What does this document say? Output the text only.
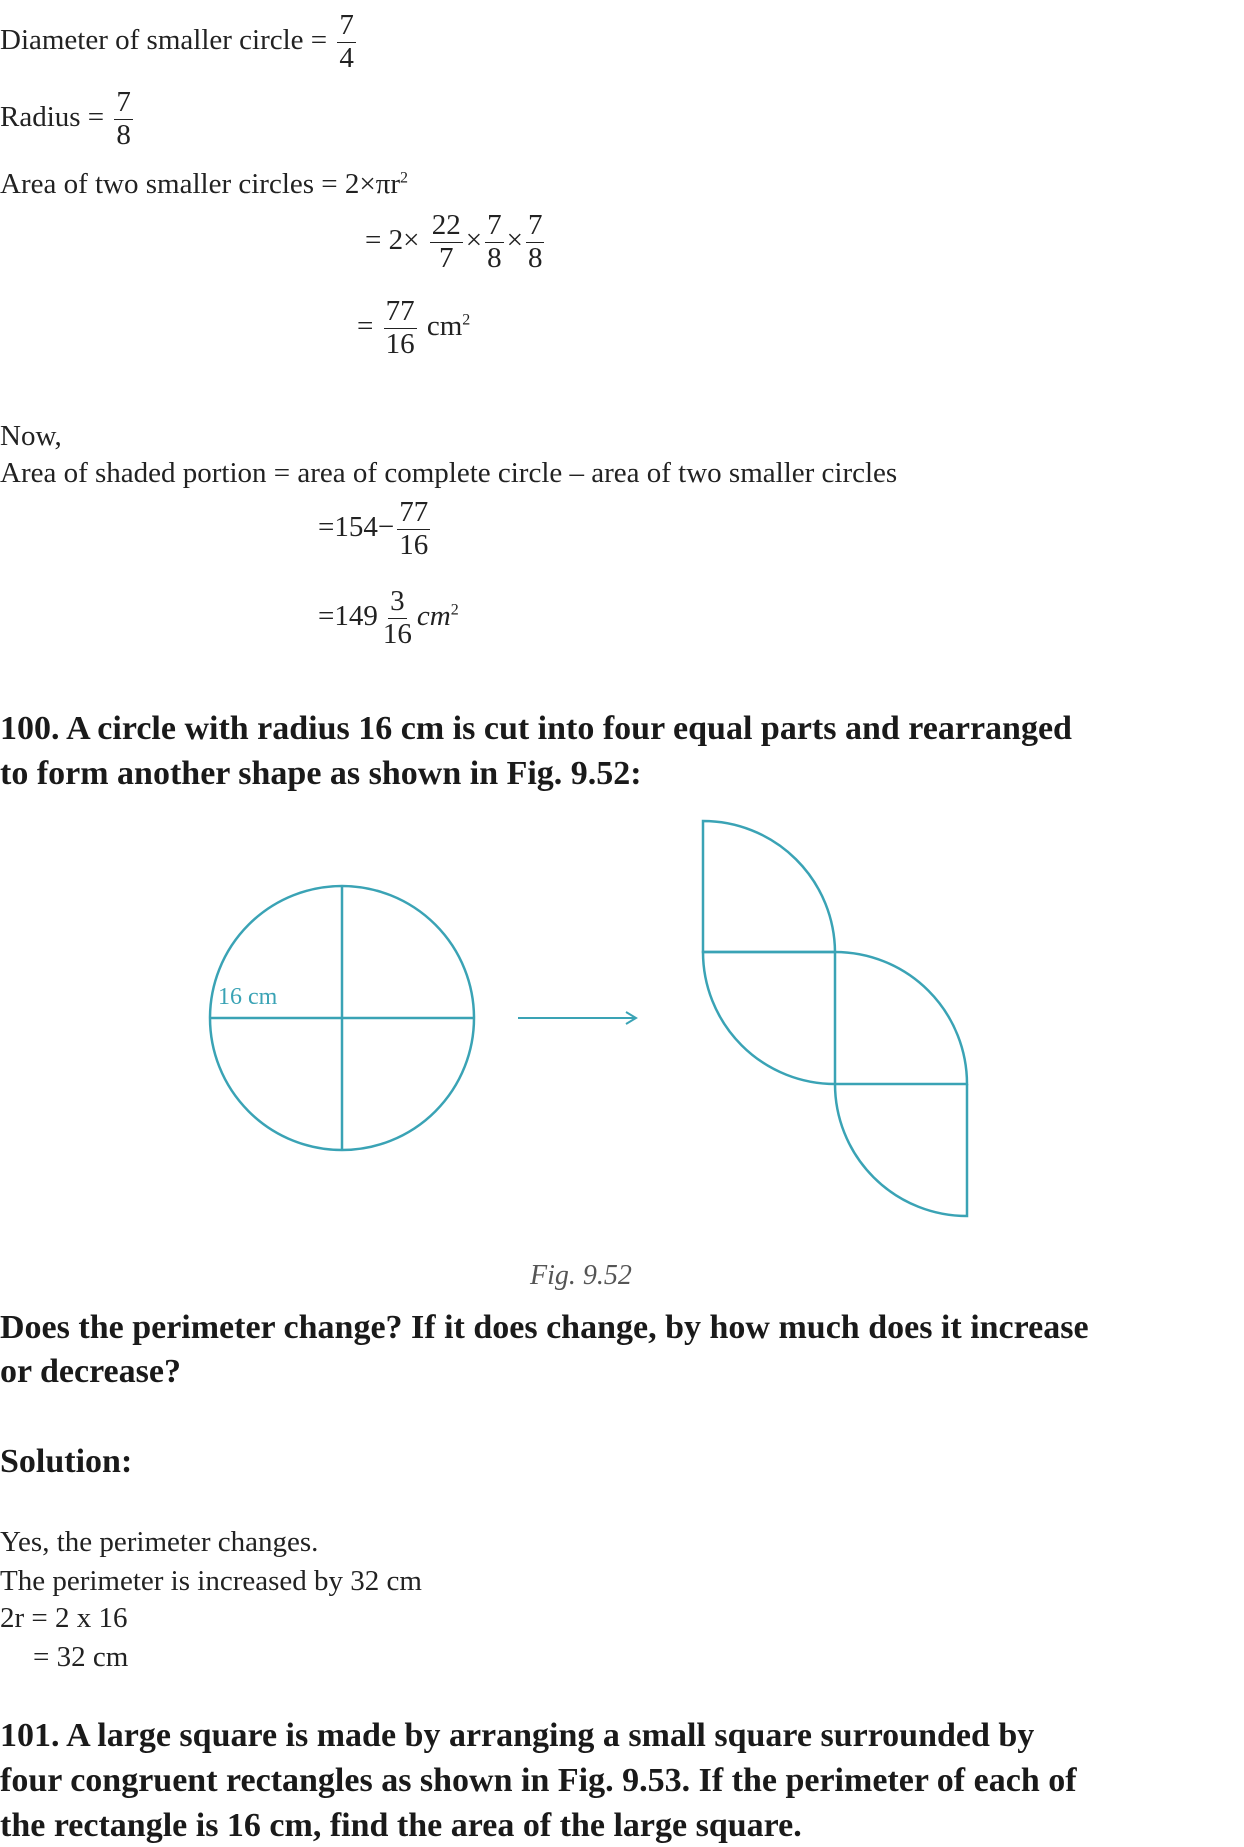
Diameter of smaller circle = $\frac{7}{4}$
Radius = $\frac{7}{8}$
Area of two smaller circles = $2\times\pi r^2$
= $2\times \frac{22}{7} \times \frac{7}{8} \times \frac{7}{8}$
= $\frac{77}{16} cm^2$
Now,
Area of shaded portion = area of complete circle – area of two smaller circles
$=154- \frac{77}{16}$
$=149 \frac{3}{16} cm^2$
100. A circle with radius 16 cm is cut into four equal parts and rearranged
to form another shape as shown in Fig. 9.52:
16 cm
Fig. 9.52
Does the perimeter change? If it does change, by how much does it increase
or decrease?
Solution:
Yes, the perimeter changes.
The perimeter is increased by 32 cm
2r = 2 x 16
= 32 cm
101. A large square is made by arranging a small square surrounded by
four congruent rectangles as shown in Fig. 9.53. If the perimeter of each of
the rectangle is 16 cm, find the area of the large square.
